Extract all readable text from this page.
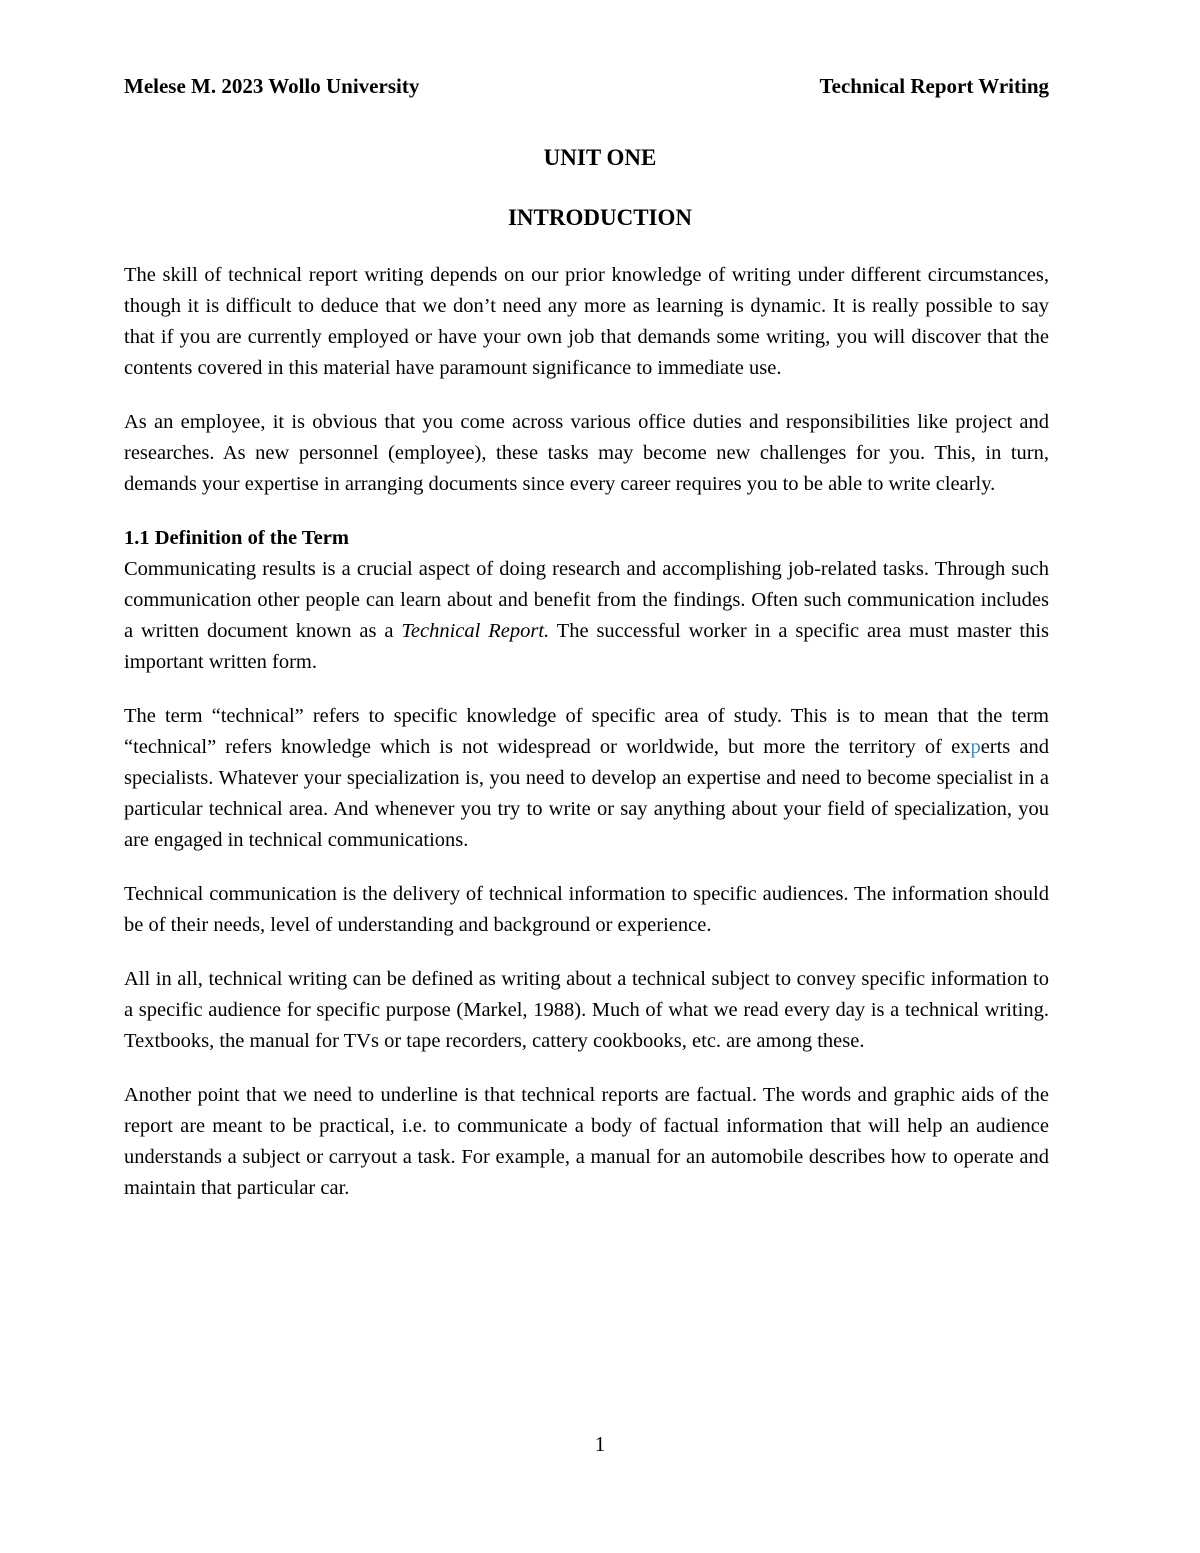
Melese M. 2023 Wollo University	Technical Report Writing
UNIT ONE
INTRODUCTION

The skill of technical report writing depends on our prior knowledge of writing under different circumstances, though it is difficult to deduce that we don’t need any more as learning is dynamic. It is really possible to say that if you are currently employed or have your own job that demands some writing, you will discover that the contents covered in this material have paramount significance to immediate use.

As an employee, it is obvious that you come across various office duties and responsibilities like project and researches. As new personnel (employee), these tasks may become new challenges for you. This, in turn, demands your expertise in arranging documents since every career requires you to be able to write clearly.

1.1 Definition of the Term

Communicating results is a crucial aspect of doing research and accomplishing job-related tasks. Through such communication other people can learn about and benefit from the findings. Often such communication includes a written document known as a Technical Report. The successful worker in a specific area must master this important written form.

The term “technical” refers to specific knowledge of specific area of study. This is to mean that the term “technical” refers knowledge which is not widespread or worldwide, but more the territory of experts and specialists. Whatever your specialization is, you need to develop an expertise and need to become specialist in a particular technical area. And whenever you try to write or say anything about your field of specialization, you are engaged in technical communications.

Technical communication is the delivery of technical information to specific audiences. The information should be of their needs, level of understanding and background or experience.

All in all, technical writing can be defined as writing about a technical subject to convey specific information to a specific audience for specific purpose (Markel, 1988). Much of what we read every day is a technical writing. Textbooks, the manual for TVs or tape recorders, cattery cookbooks, etc. are among these.

Another point that we need to underline is that technical reports are factual. The words and graphic aids of the report are meant to be practical, i.e. to communicate a body of factual information that will help an audience understands a subject or carryout a task. For example, a manual for an automobile describes how to operate and maintain that particular car.

1
